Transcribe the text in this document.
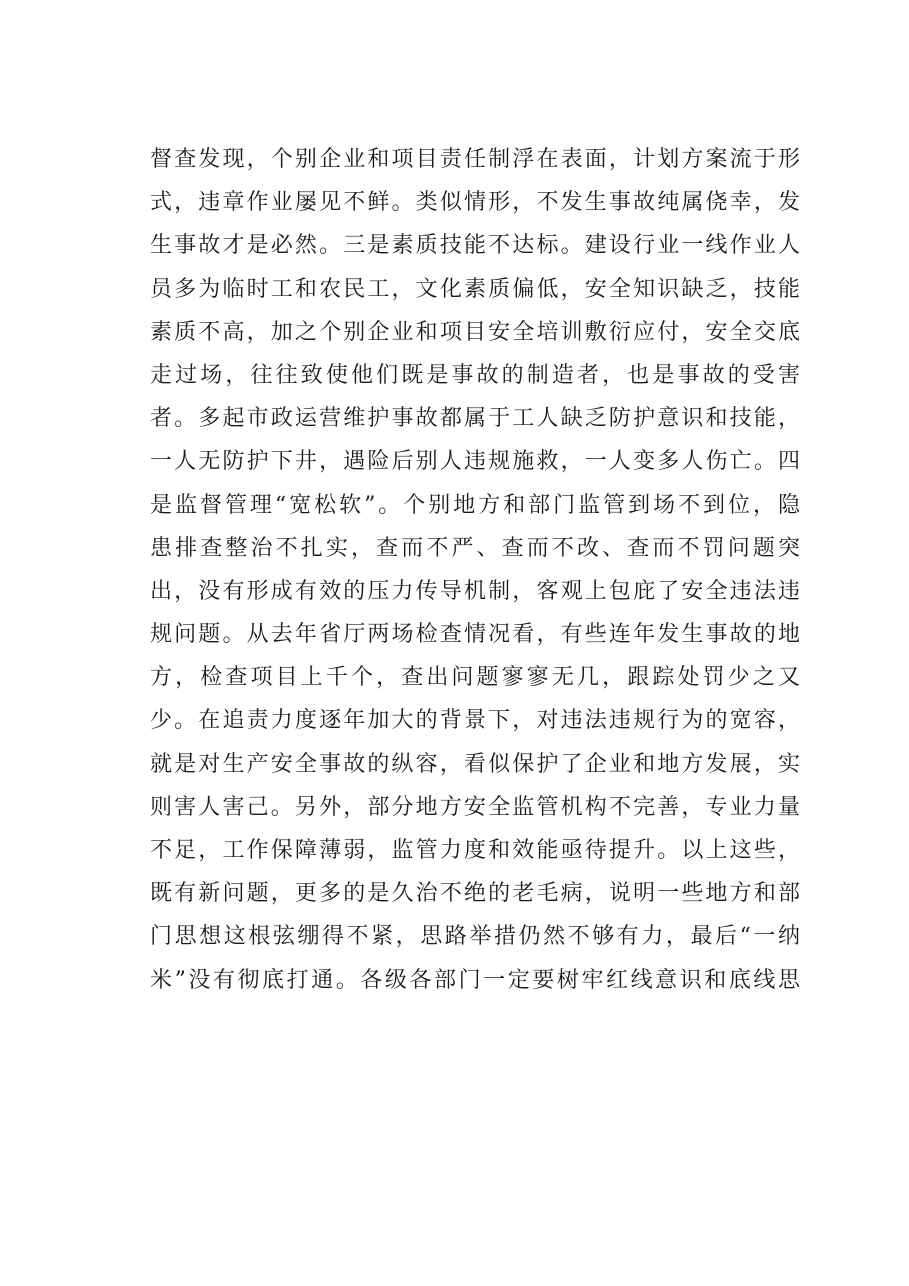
督查发现，个别企业和项目责任制浮在表面，计划方案流于形
式，违章作业屡见不鲜。类似情形，不发生事故纯属侥幸，发
生事故才是必然。三是素质技能不达标。建设行业一线作业人
员多为临时工和农民工，文化素质偏低，安全知识缺乏，技能
素质不高，加之个别企业和项目安全培训敷衍应付，安全交底
走过场，往往致使他们既是事故的制造者，也是事故的受害
者。多起市政运营维护事故都属于工人缺乏防护意识和技能，
一人无防护下井，遇险后别人违规施救，一人变多人伤亡。四
是监督管理“宽松软”。个别地方和部门监管到场不到位，隐
患排查整治不扎实，查而不严、查而不改、查而不罚问题突
出，没有形成有效的压力传导机制，客观上包庇了安全违法违
规问题。从去年省厅两场检查情况看，有些连年发生事故的地
方，检查项目上千个，查出问题寥寥无几，跟踪处罚少之又
少。在追责力度逐年加大的背景下，对违法违规行为的宽容，
就是对生产安全事故的纵容，看似保护了企业和地方发展，实
则害人害己。另外，部分地方安全监管机构不完善，专业力量
不足，工作保障薄弱，监管力度和效能亟待提升。以上这些，
既有新问题，更多的是久治不绝的老毛病，说明一些地方和部
门思想这根弦绷得不紧，思路举措仍然不够有力，最后“一纳
米”没有彻底打通。各级各部门一定要树牢红线意识和底线思
